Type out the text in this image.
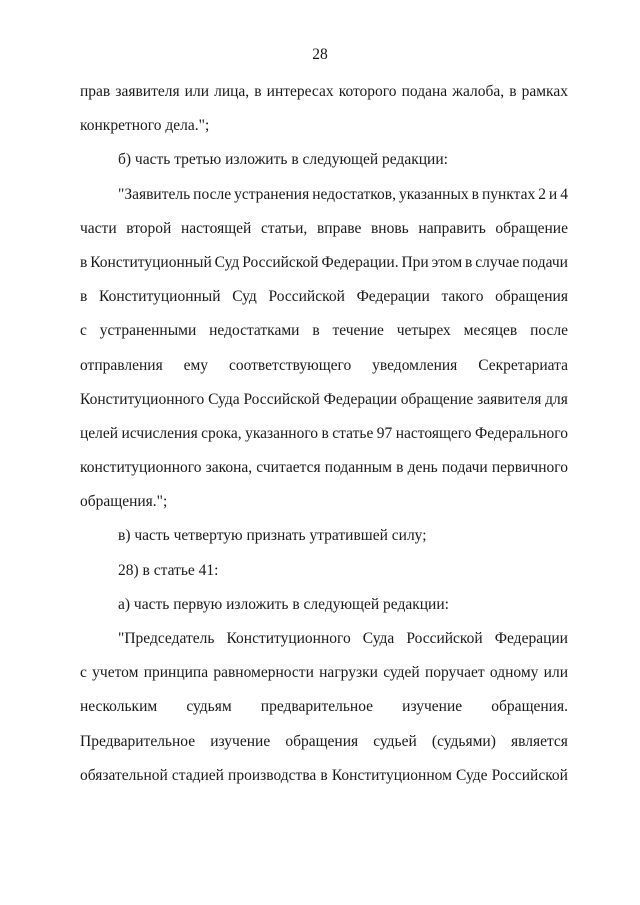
28
прав заявителя или лица, в интересах которого подана жалоба, в рамках
конкретного дела.";
б) часть третью изложить в следующей редакции:
"Заявитель после устранения недостатков, указанных в пунктах 2 и 4
части второй настоящей статьи, вправе вновь направить обращение
в Конституционный Суд Российской Федерации. При этом в случае подачи
в Конституционный Суд Российской Федерации такого обращения
с устраненными недостатками в течение четырех месяцев после
отправления ему соответствующего уведомления Секретариата
Конституционного Суда Российской Федерации обращение заявителя для
целей исчисления срока, указанного в статье 97 настоящего Федерального
конституционного закона, считается поданным в день подачи первичного
обращения.";
в) часть четвертую признать утратившей силу;
28) в статье 41:
а) часть первую изложить в следующей редакции:
"Председатель Конституционного Суда Российской Федерации
с учетом принципа равномерности нагрузки судей поручает одному или
нескольким судьям предварительное изучение обращения.
Предварительное изучение обращения судьей (судьями) является
обязательной стадией производства в Конституционном Суде Российской
